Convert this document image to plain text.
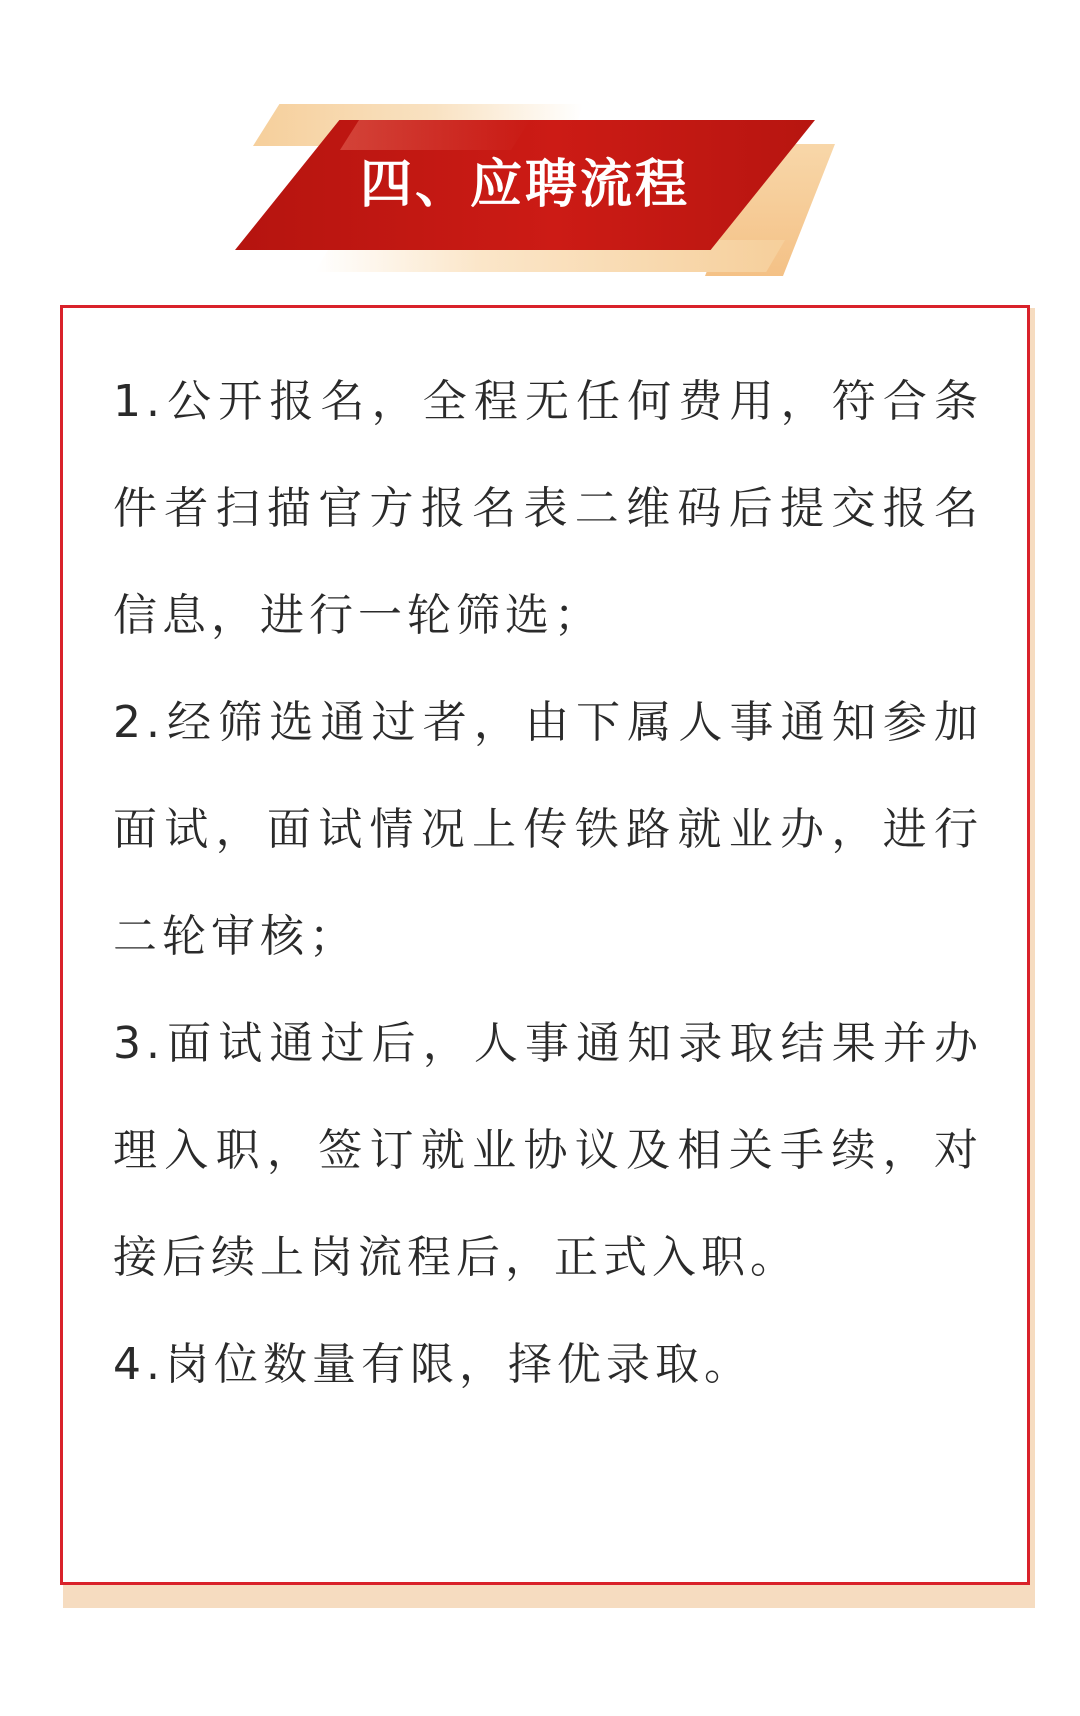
四、应聘流程

1.公开报名，全程无任何费用，符合条件者扫描官方报名表二维码后提交报名信息，进行一轮筛选；

2.经筛选通过者，由下属人事通知参加面试，面试情况上传铁路就业办，进行二轮审核；

3.面试通过后，人事通知录取结果并办理入职，签订就业协议及相关手续，对接后续上岗流程后，正式入职。

4.岗位数量有限，择优录取。
